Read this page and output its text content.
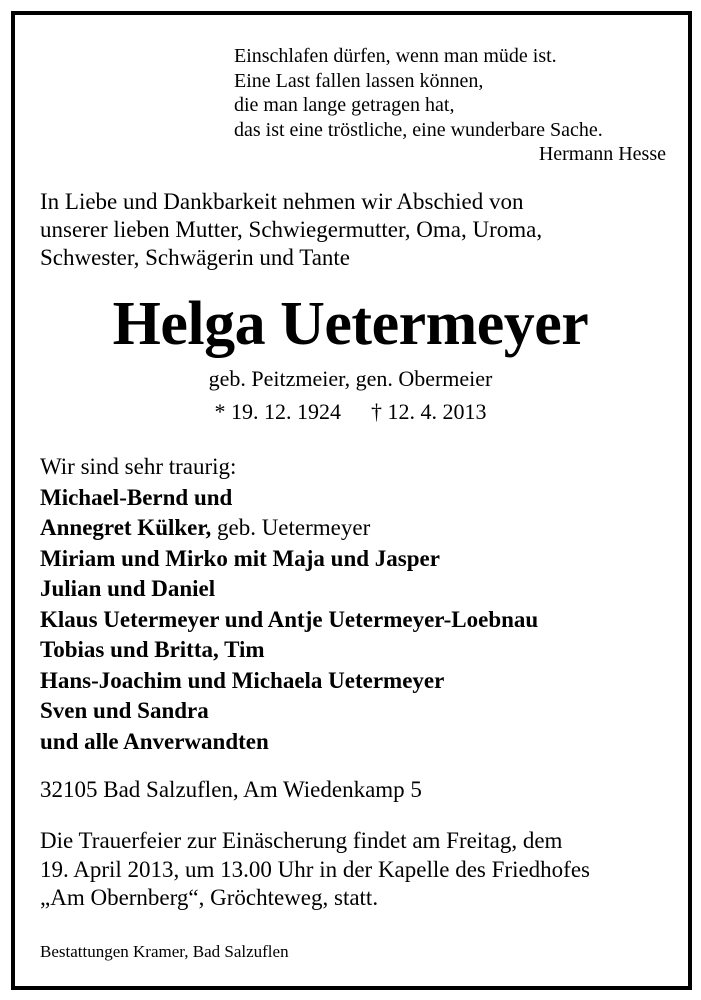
Einschlafen dürfen, wenn man müde ist.
Eine Last fallen lassen können,
die man lange getragen hat,
das ist eine tröstliche, eine wunderbare Sache.
Hermann Hesse
In Liebe und Dankbarkeit nehmen wir Abschied von
unserer lieben Mutter, Schwiegermutter, Oma, Uroma,
Schwester, Schwägerin und Tante
Helga Uetermeyer
geb. Peitzmeier, gen. Obermeier
* 19. 12. 1924 † 12. 4. 2013
Wir sind sehr traurig:
Michael-Bernd und
Annegret Külker, geb. Uetermeyer
Miriam und Mirko mit Maja und Jasper
Julian und Daniel
Klaus Uetermeyer und Antje Uetermeyer-Loebnau
Tobias und Britta, Tim
Hans-Joachim und Michaela Uetermeyer
Sven und Sandra
und alle Anverwandten
32105 Bad Salzuflen, Am Wiedenkamp 5
Die Trauerfeier zur Einäscherung findet am Freitag, dem
19. April 2013, um 13.00 Uhr in der Kapelle des Friedhofes
„Am Obernberg“, Gröchteweg, statt.
Bestattungen Kramer, Bad Salzuflen
